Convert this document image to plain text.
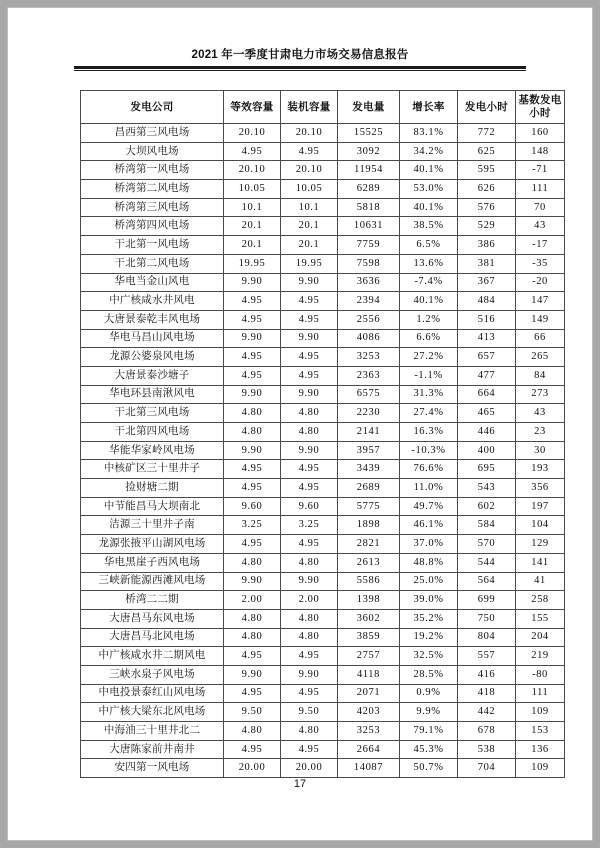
2021 年一季度甘肃电力市场交易信息报告
发电公司	等效容量	装机容量	发电量	增长率	发电小时	基数发电小时
昌西第三风电场	20.10	20.10	15525	83.1%	772	160
大坝风电场	4.95	4.95	3092	34.2%	625	148
桥湾第一风电场	20.10	20.10	11954	40.1%	595	-71
桥湾第二风电场	10.05	10.05	6289	53.0%	626	111
桥湾第三风电场	10.1	10.1	5818	40.1%	576	70
桥湾第四风电场	20.1	20.1	10631	38.5%	529	43
干北第一风电场	20.1	20.1	7759	6.5%	386	-17
干北第二风电场	19.95	19.95	7598	13.6%	381	-35
华电当金山风电	9.90	9.90	3636	-7.4%	367	-20
中广核咸水井风电	4.95	4.95	2394	40.1%	484	147
大唐景泰乾丰风电场	4.95	4.95	2556	1.2%	516	149
华电马昌山风电场	9.90	9.90	4086	6.6%	413	66
龙源公婆泉风电场	4.95	4.95	3253	27.2%	657	265
大唐景泰沙塘子	4.95	4.95	2363	-1.1%	477	84
华电环县南湫风电	9.90	9.90	6575	31.3%	664	273
干北第三风电场	4.80	4.80	2230	27.4%	465	43
干北第四风电场	4.80	4.80	2141	16.3%	446	23
华能华家岭风电场	9.90	9.90	3957	-10.3%	400	30
中核矿区三十里井子	4.95	4.95	3439	76.6%	695	193
捡财塘二期	4.95	4.95	2689	11.0%	543	356
中节能昌马大坝南北	9.60	9.60	5775	49.7%	602	197
洁源三十里井子南	3.25	3.25	1898	46.1%	584	104
龙源张掖平山湖风电场	4.95	4.95	2821	37.0%	570	129
华电黑崖子西风电场	4.80	4.80	2613	48.8%	544	141
三峡新能源西滩风电场	9.90	9.90	5586	25.0%	564	41
桥湾二二期	2.00	2.00	1398	39.0%	699	258
大唐昌马东风电场	4.80	4.80	3602	35.2%	750	155
大唐昌马北风电场	4.80	4.80	3859	19.2%	804	204
中广核咸水井二期风电	4.95	4.95	2757	32.5%	557	219
三峡水泉子风电场	9.90	9.90	4118	28.5%	416	-80
中电投景泰红山风电场	4.95	4.95	2071	0.9%	418	111
中广核大梁东北风电场	9.50	9.50	4203	9.9%	442	109
中海油三十里井北二	4.80	4.80	3253	79.1%	678	153
大唐陈家前井南井	4.95	4.95	2664	45.3%	538	136
安四第一风电场	20.00	20.00	14087	50.7%	704	109
17
